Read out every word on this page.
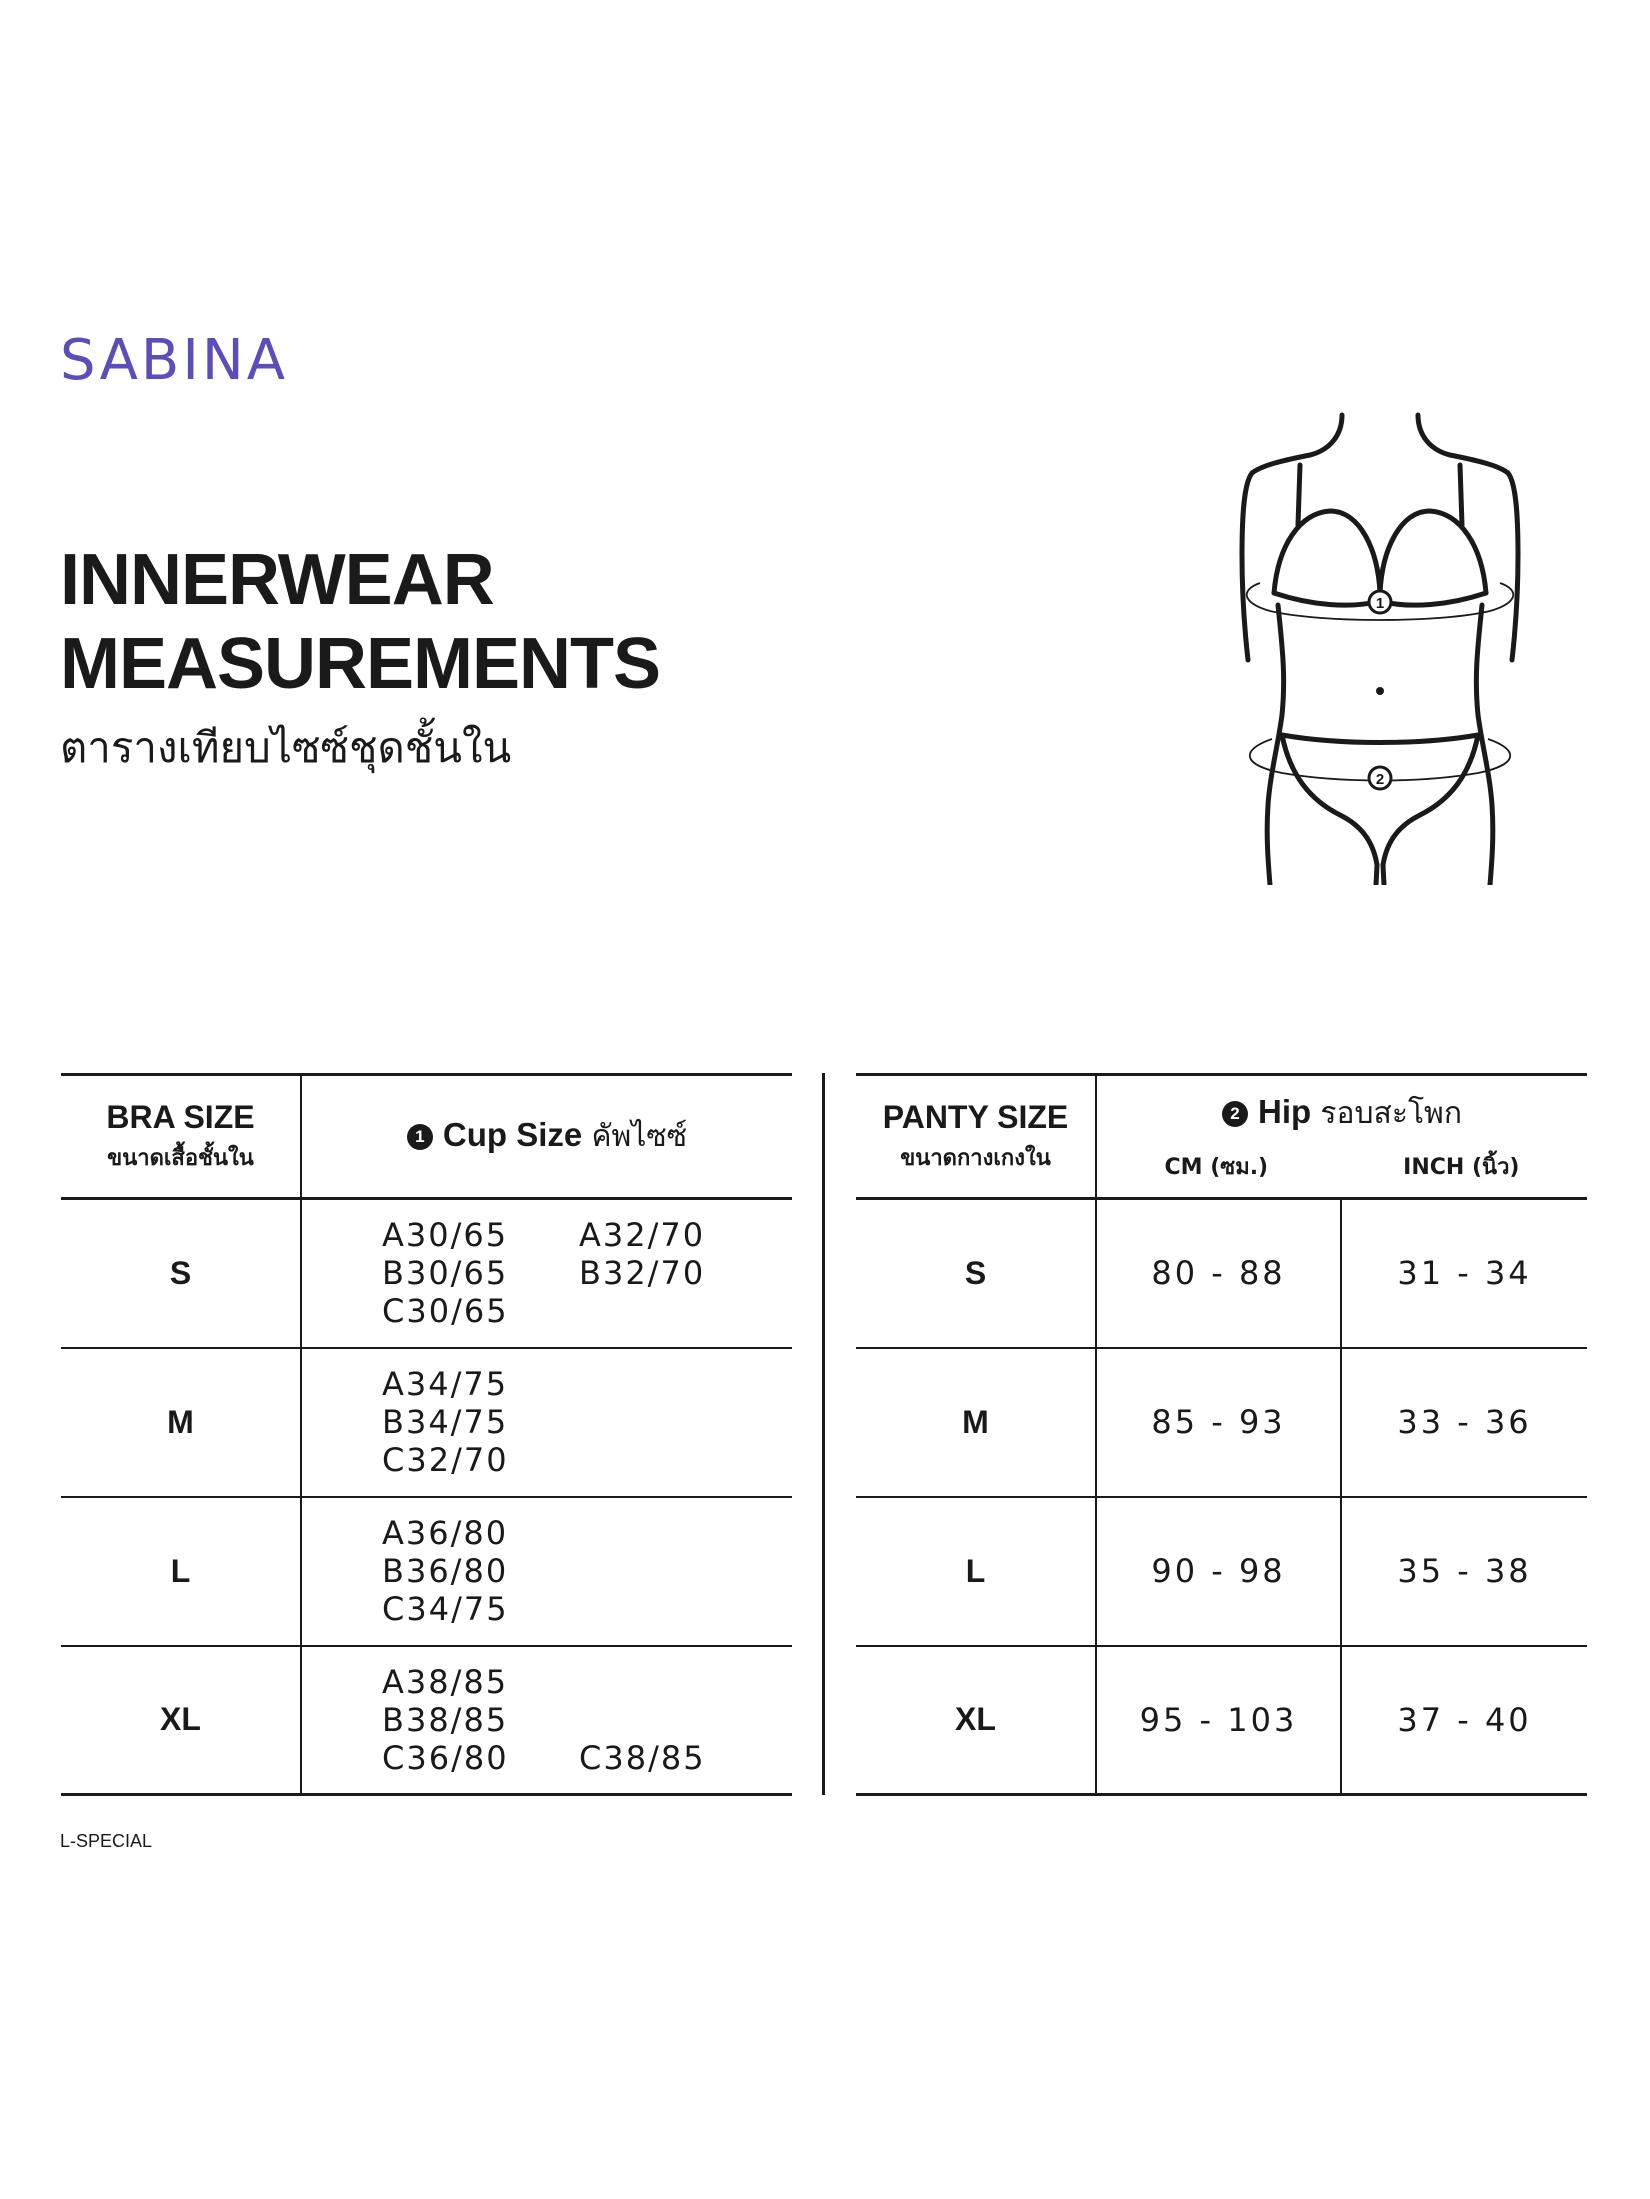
SABINA
INNERWEAR
MEASUREMENTS
ตารางเทียบไซซ์ชุดชั้นใน
1
2
BRA SIZE
ขนาดเสื้อชั้นใน	1 Cup Size คัพไซซ์
S	A30/65 A32/70
B30/65 B32/70
C30/65

M	A34/75
B34/75
C32/70

L	A36/80
B36/80
C34/75

XL	A38/85
B38/85
C36/80 C38/85
PANTY SIZE
ขนาดกางเกงใน	2 Hip รอบสะโพก
CM (ซม.) INCH (นิ้ว)	

S	80 - 88	31 - 34
M	85 - 93	33 - 36
L	90 - 98	35 - 38
XL	95 - 103	37 - 40
L-SPECIAL
